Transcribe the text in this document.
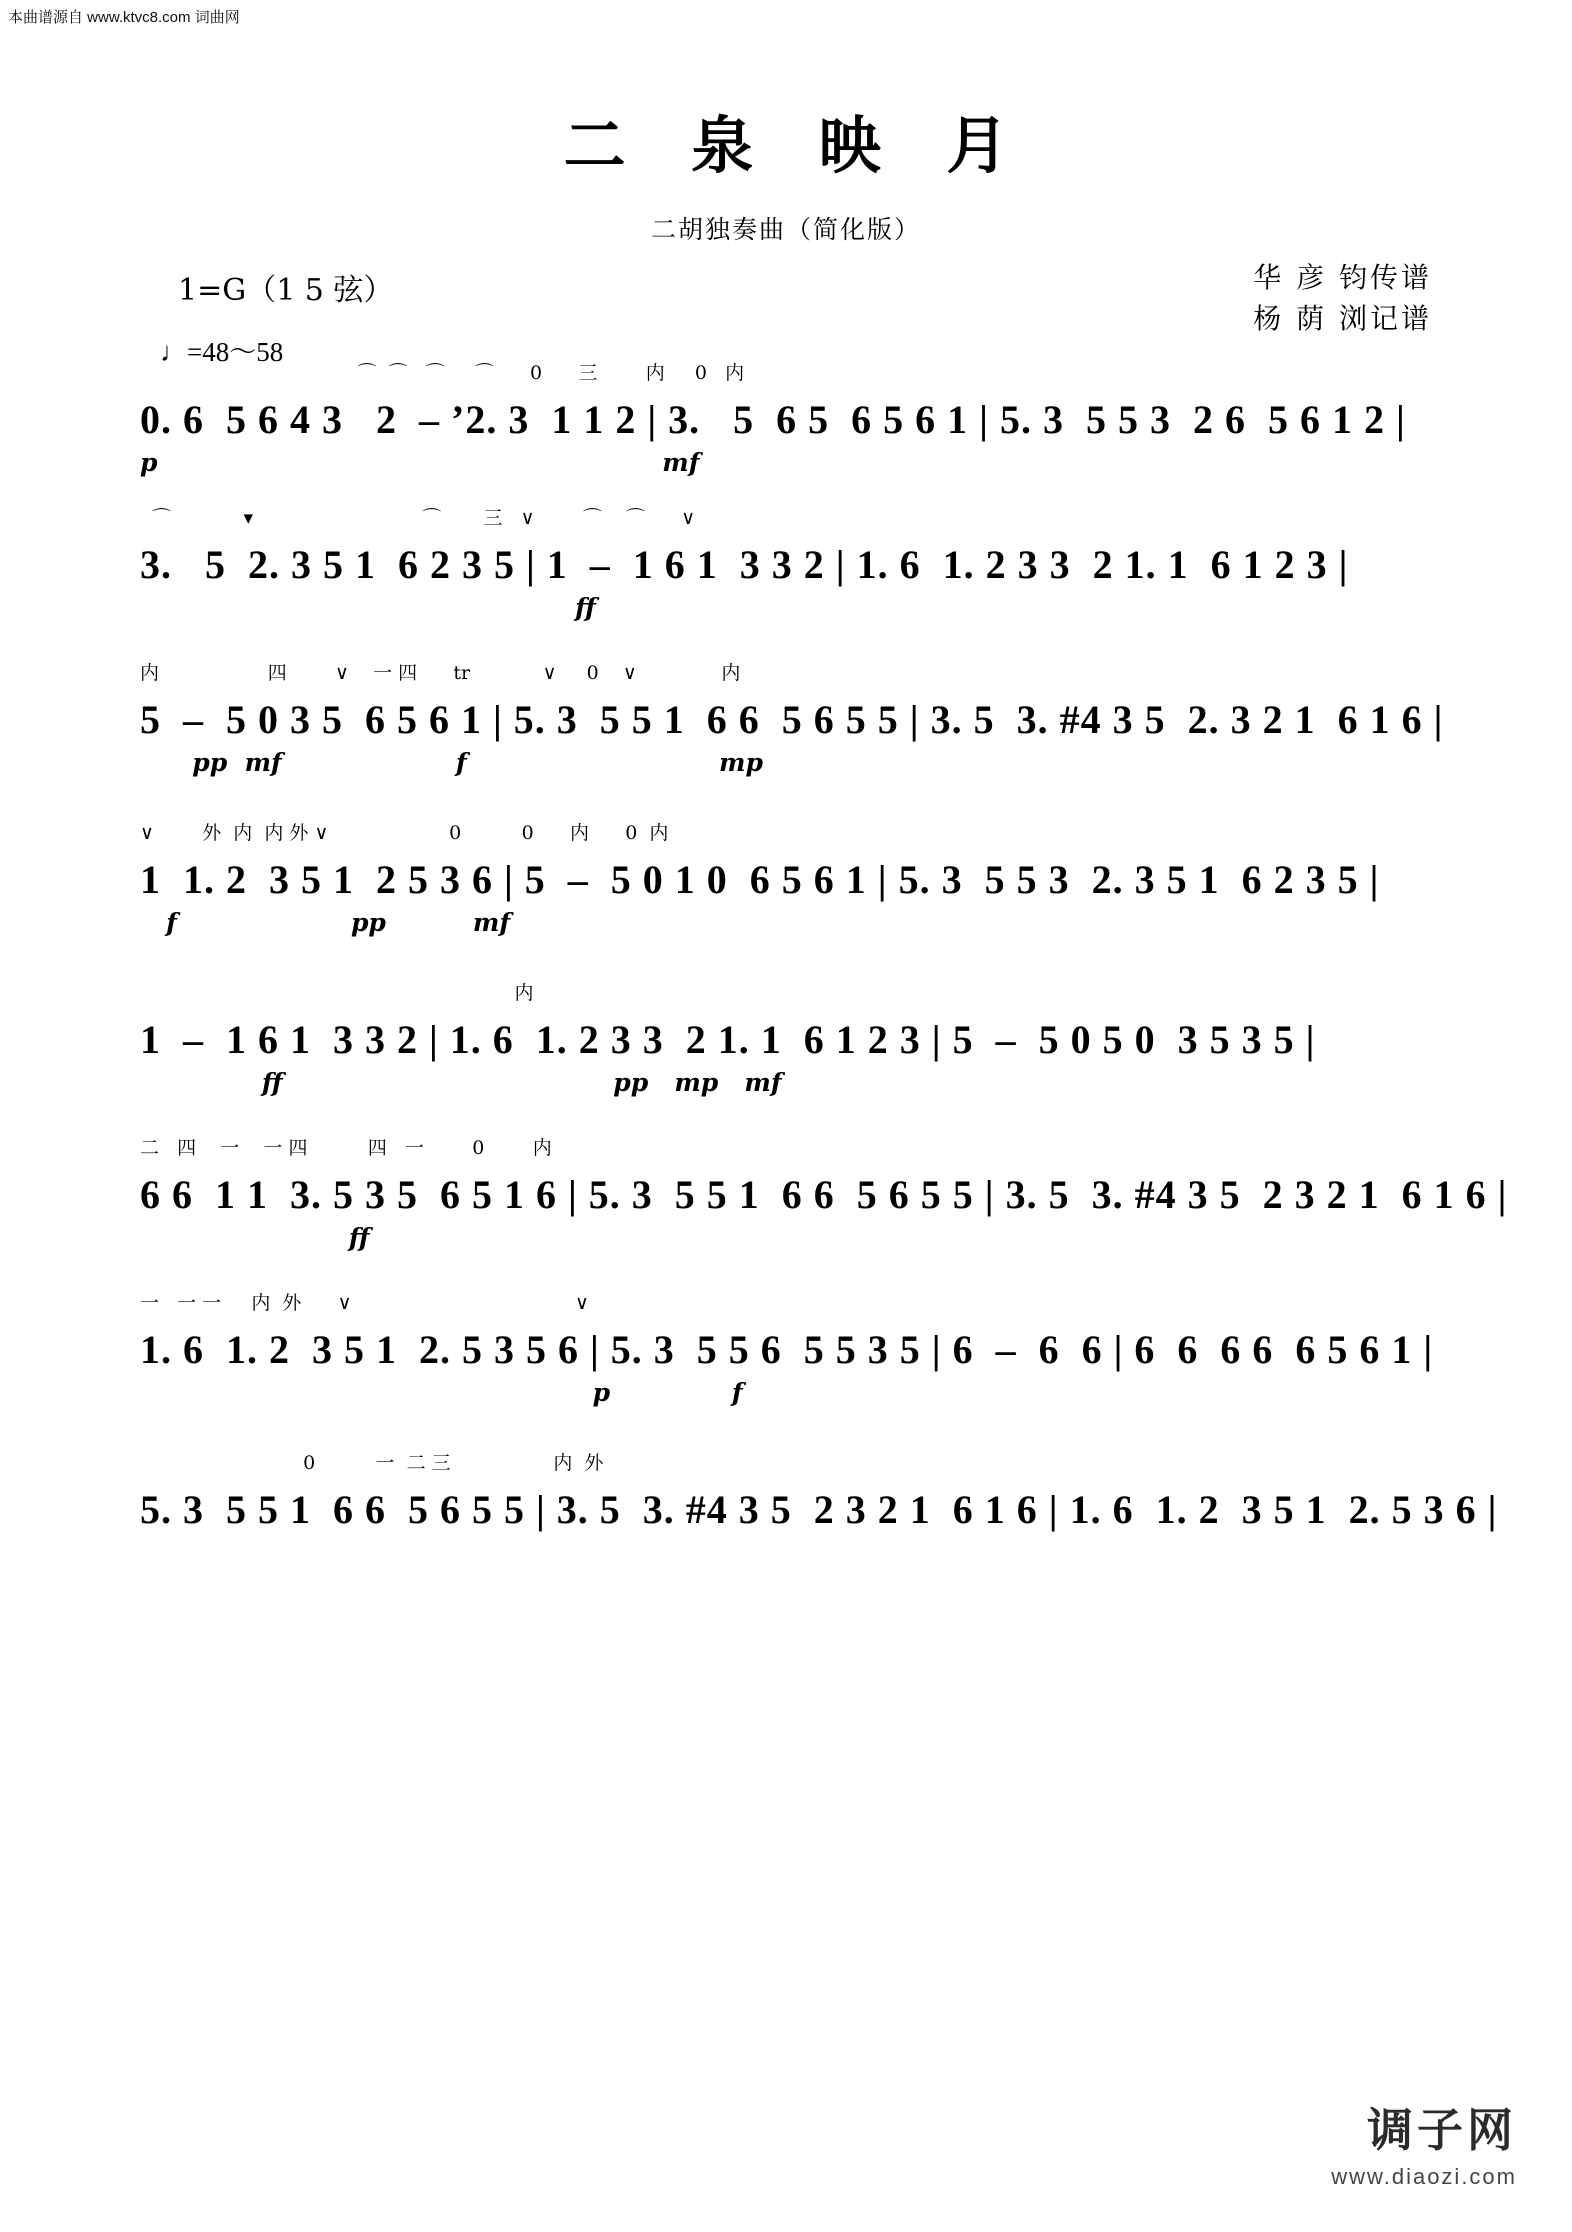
本曲谱源自 www.ktvc8.com 词曲网
二 泉 映 月
二胡独奏曲（简化版）
1=G（1 5 弦）
♩=48～58
华 彦 钧传谱
杨 荫 浏记谱
⌒  ⌒   ⌒     ⌒      0      三        内     0   内
0. 6  5 6 4 3   2  – ’2. 3  1 1 2 | 3.   5  6 5  6 5 6 1 | 5. 3  5 5 3  2 6  5 6 1 2 |
p                                                          mf
⌒            ▾                            ⌒       三   ∨        ⌒    ⌒      ∨
3.   5  2. 3 5 1  6 2 3 5 | 1  –  1 6 1  3 3 2 | 1. 6  1. 2 3 3  2 1. 1  6 1 2 3 |
ff
内                  四        ∨    一 四      tr            ∨     0    ∨              内
5  –  5 0 3 5  6 5 6 1 | 5. 3  5 5 1  6 6  5 6 5 5 | 3. 5  3. #4 3 5  2. 3 2 1  6 1 6 |
pp  mf                    f                             mp
∨        外  内  内 外 ∨                    0          0      内      0  内
1  1. 2  3 5 1  2 5 3 6 | 5  –  5 0 1 0  6 5 6 1 | 5. 3  5 5 3  2. 3 5 1  6 2 3 5 |
f                    pp          mf
内
1  –  1 6 1  3 3 2 | 1. 6  1. 2 3 3  2 1. 1  6 1 2 3 | 5  –  5 0 5 0  3 5 3 5 |
ff                                      pp   mp   mf
二   四    一    一 四          四   一        0        内
6 6  1 1  3. 5 3 5  6 5 1 6 | 5. 3  5 5 1  6 6  5 6 5 5 | 3. 5  3. #4 3 5  2 3 2 1  6 1 6 |
ff
一   一 一     内  外      ∨                                     ∨
1. 6  1. 2  3 5 1  2. 5 3 5 6 | 5. 3  5 5 6  5 5 3 5 | 6  –  6  6 | 6  6  6 6  6 5 6 1 |
p              f
0          一  二 三                 内  外
5. 3  5 5 1  6 6  5 6 5 5 | 3. 5  3. #4 3 5  2 3 2 1  6 1 6 | 1. 6  1. 2  3 5 1  2. 5 3 6 |
调子网
www.diaozi.com
